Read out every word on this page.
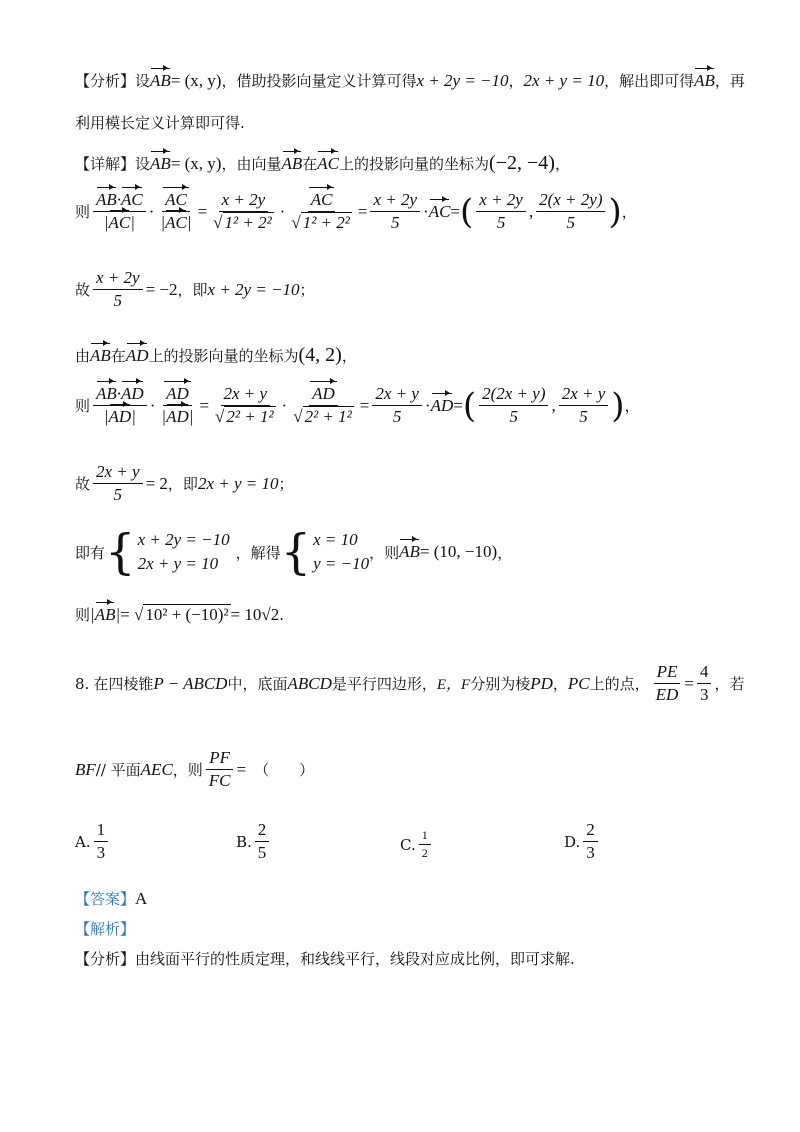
【分析】 设 AB = (x, y) ，借助投影向量定义计算可得 x + 2y = −10 ， 2x + y = 10 ，解出即可得 AB ，再
利用模长定义计算即可得.
【详解】 设 AB = (x, y) ，由向量 AB 在 AC 上的投影向量的坐标为 (−2, −4) ，
则 $\frac{AB\cdot AC}{|AC|} \cdot \frac{AC}{|AC|} = \frac{x + 2y}{\text{√ 1² + 2²}} \cdot \frac{AC}{\text{√ 1² + 2²}} = \frac{x + 2y}{5}$ · AC = ( $\frac{x + 2y}{5}$ , $\frac{2(x + 2y)}{5}$ ) ，
故 $\frac{x + 2y}{5} = -2$ ，即 x + 2y = −10 ；
由 AB 在 AD 上的投影向量的坐标为 (4, 2) ，
则 $\frac{AB\cdot AD}{|AD|} \cdot \frac{AD}{|AD|} = \frac{2x + y}{\text{√ 2² + 1²}} \cdot \frac{AD}{\text{√ 2² + 1²}} = \frac{2x + y}{5}$ · AD = ( $\frac{2(2x + y)}{5}$ , $\frac{2x + y}{5}$ ) ，
故 $\frac{2x + y}{5} = 2$ ，即 2x + y = 10 ；
即有 { x + 2y = −10
2x + y = 10
，解得 { x = 10
y = −10
，则 AB = (10, −10) ，
则 |AB| = √ 10² + (−10)² = 10√2 .
8. 在四棱锥 P − ABCD 中，底面 ABCD 是平行四边形， E，F 分别为棱 PD ， PC 上的点， $\frac{PE}{ED} = \frac{4}{3}$ ，若
BF // 平面 AEC ，则 $\frac{PF}{FC}$ = （　　）
A. $\frac{1}{3}$	B. $\frac{2}{5}$	C. $\frac{1}{2}$	D. $\frac{2}{3}$
【答案】 A
【解析】
【分析】 由线面平行的性质定理，和线线平行，线段对应成比例，即可求解.
